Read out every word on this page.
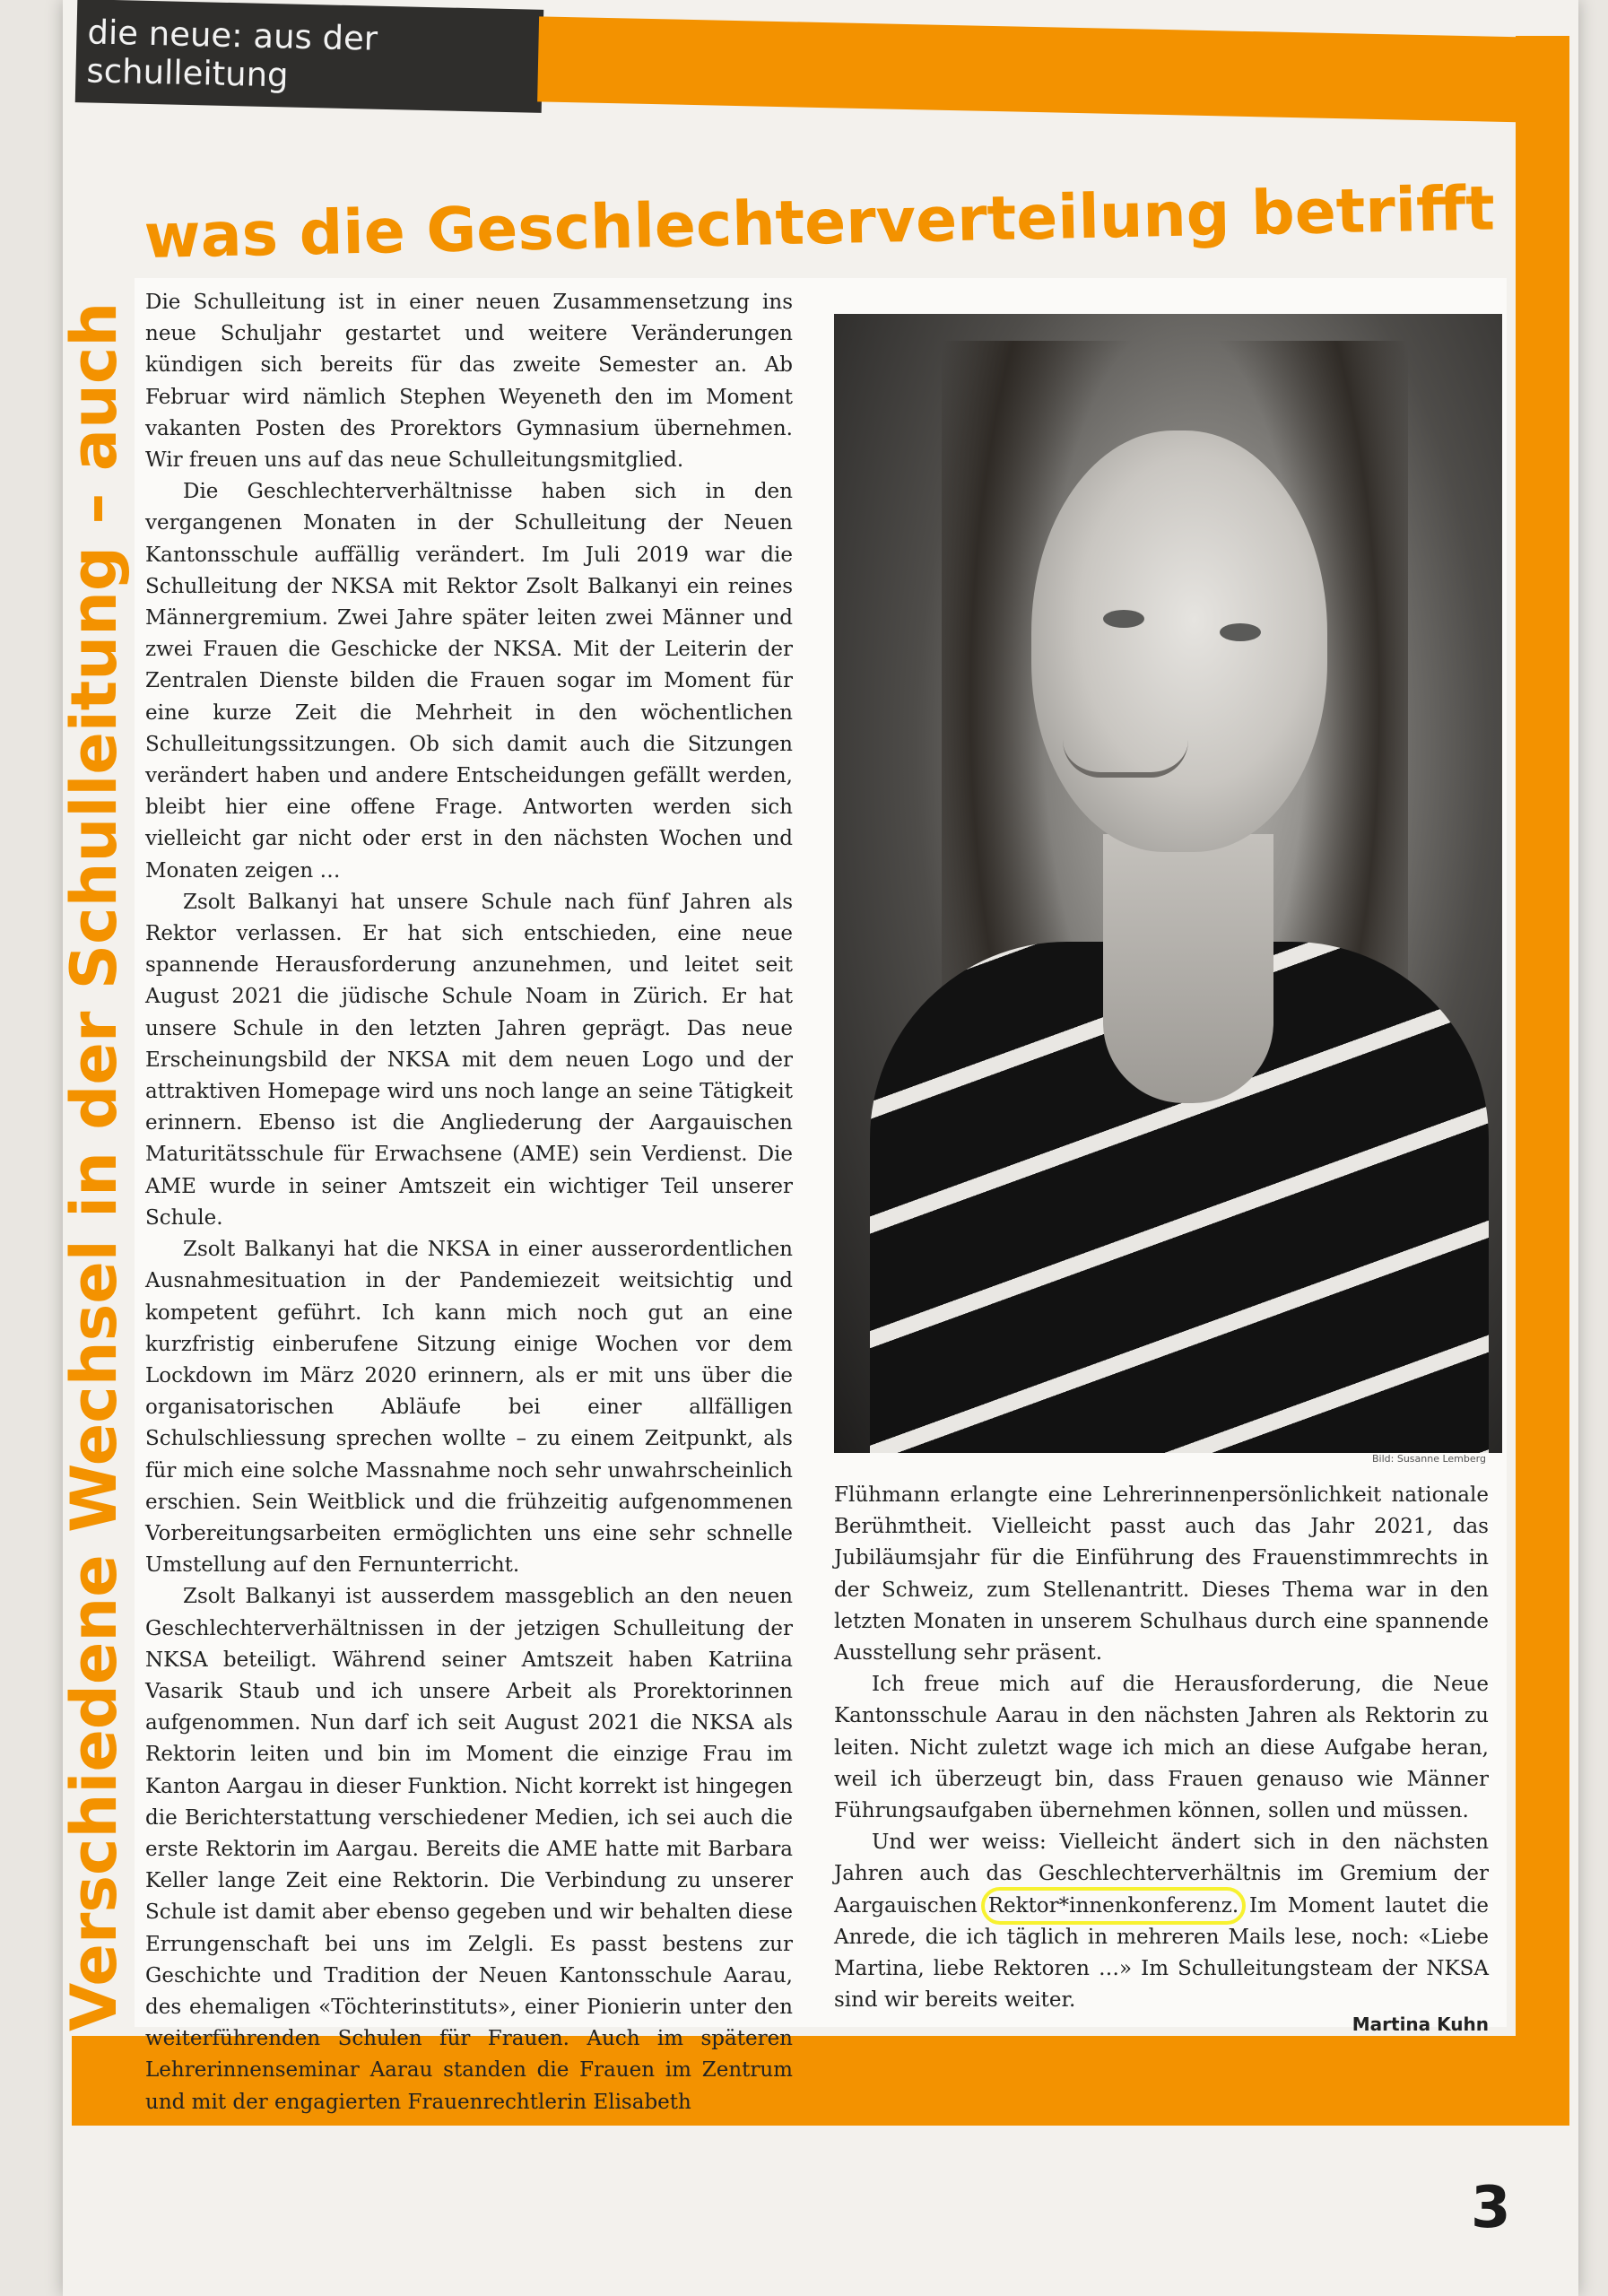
die neue: aus der schulleitung
Verschiedene Wechsel in der Schulleitung – auch Die Schulleitung ist in einer neuen Zusammensetzung ins neue Schuljahr gestartet und weitere Veränderungen kündigen sich bereits für das zweite Semester an. Ab Februar wird nämlich Stephen Weyeneth den im Moment vakanten Posten des Prorektors Gymnasium übernehmen. Wir freuen uns auf das neue Schulleitungsmitglied.

Die Geschlechterverhältnisse haben sich in den vergangenen Monaten in der Schulleitung der Neuen Kantonsschule auffällig verändert. Im Juli 2019 war die Schulleitung der NKSA mit Rektor Zsolt Balkanyi ein reines Männergremium. Zwei Jahre später leiten zwei Männer und zwei Frauen die Geschicke der NKSA. Mit der Leiterin der Zentralen Dienste bilden die Frauen sogar im Moment für eine kurze Zeit die Mehrheit in den wöchentlichen Schulleitungssitzungen. Ob sich damit auch die Sitzungen verändert haben und andere Entscheidungen gefällt werden, bleibt hier eine offene Frage. Antworten werden sich vielleicht gar nicht oder erst in den nächsten Wochen und Monaten zeigen …

Zsolt Balkanyi hat unsere Schule nach fünf Jahren als Rektor verlassen. Er hat sich entschieden, eine neue spannende Herausforderung anzunehmen, und leitet seit August 2021 die jüdische Schule Noam in Zürich. Er hat unsere Schule in den letzten Jahren geprägt. Das neue Erscheinungsbild der NKSA mit dem neuen Logo und der attraktiven Homepage wird uns noch lange an seine Tätigkeit erinnern. Ebenso ist die Angliederung der Aargauischen Maturitätsschule für Erwachsene (AME) sein Verdienst. Die AME wurde in seiner Amtszeit ein wichtiger Teil unserer Schule.

Zsolt Balkanyi hat die NKSA in einer ausserordentlichen Ausnahmesituation in der Pandemiezeit weitsichtig und kompetent geführt. Ich kann mich noch gut an eine kurzfristig einberufene Sitzung einige Wochen vor dem Lockdown im März 2020 erinnern, als er mit uns über die organisatorischen Abläufe bei einer allfälligen Schulschliessung sprechen wollte – zu einem Zeitpunkt, als für mich eine solche Massnahme noch sehr unwahrscheinlich erschien. Sein Weitblick und die frühzeitig aufgenommenen Vorbereitungsarbeiten ermöglichten uns eine sehr schnelle Umstellung auf den Fernunterricht.

Zsolt Balkanyi ist ausserdem massgeblich an den neuen Geschlechterverhältnissen in der jetzigen Schulleitung der NKSA beteiligt. Während seiner Amtszeit haben Katriina Vasarik Staub und ich unsere Arbeit als Prorektorinnen aufgenommen. Nun darf ich seit August 2021 die NKSA als Rektorin leiten und bin im Moment die einzige Frau im Kanton Aargau in dieser Funktion. Nicht korrekt ist hingegen die Berichterstattung verschiedener Medien, ich sei auch die erste Rektorin im Aargau. Bereits die AME hatte mit Barbara Keller lange Zeit eine Rektorin. Die Verbindung zu unserer Schule ist damit aber ebenso gegeben und wir behalten diese Errungenschaft bei uns im Zelgli. Es passt bestens zur Geschichte und Tradition der Neuen Kantonsschule Aarau, des ehemaligen «Töchterinstituts», einer Pionierin unter den weiterführenden Schulen für Frauen. Auch im späteren Lehrerinnenseminar Aarau standen die Frauen im Zentrum und mit der engagierten Frauenrechtlerin Elisabeth

Bild: Susanne Lemberg

Flühmann erlangte eine Lehrerinnenpersönlichkeit nationale Berühmtheit. Vielleicht passt auch das Jahr 2021, das Jubiläumsjahr für die Einführung des Frauenstimmrechts in der Schweiz, zum Stellenantritt. Dieses Thema war in den letzten Monaten in unserem Schulhaus durch eine spannende Ausstellung sehr präsent.

Ich freue mich auf die Herausforderung, die Neue Kantonsschule Aarau in den nächsten Jahren als Rektorin zu leiten. Nicht zuletzt wage ich mich an diese Aufgabe heran, weil ich überzeugt bin, dass Frauen genauso wie Männer Führungsaufgaben übernehmen können, sollen und müssen.

Und wer weiss: Vielleicht ändert sich in den nächsten Jahren auch das Geschlechterverhältnis im Gremium der Aargauischen Rektor*innenkonferenz. Im Moment lautet die Anrede, die ich täglich in mehreren Mails lese, noch: «Liebe Martina, liebe Rektoren …» Im Schulleitungsteam der NKSA sind wir bereits weiter.

Martina Kuhn
was die Geschlechterverteilung betrifft
3
